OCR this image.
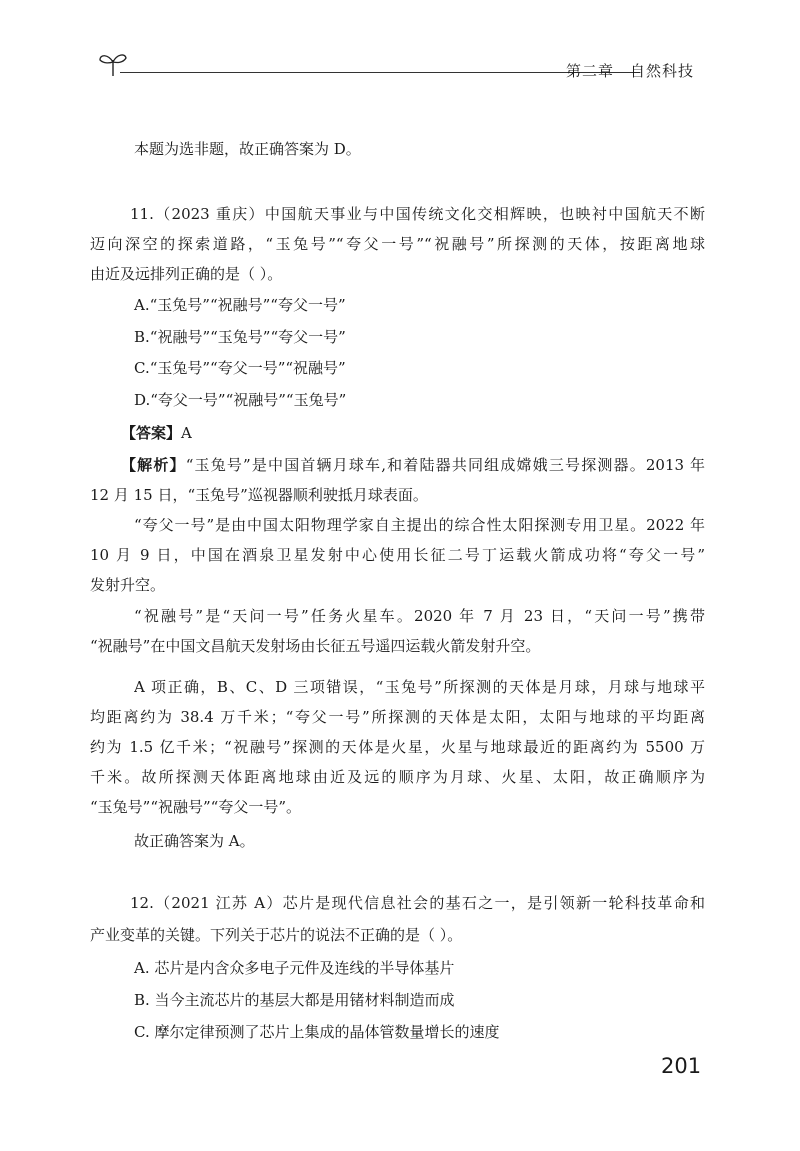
第二章 自然科技
本题为选非题，故正确答案为 D。
11.（2023 重庆）中国航天事业与中国传统文化交相辉映，也映衬中国航天不断
迈向深空的探索道路，“玉兔号”“夸父一号”“祝融号”所探测的天体，按距离地球
由近及远排列正确的是（ ）。
A.“玉兔号”“祝融号”“夸父一号”
B.“祝融号”“玉兔号”“夸父一号”
C.“玉兔号”“夸父一号”“祝融号”
D.“夸父一号”“祝融号”“玉兔号”
【答案】A
【解析】“玉兔号”是中国首辆月球车,和着陆器共同组成嫦娥三号探测器。2013 年
12 月 15 日，“玉兔号”巡视器顺利驶抵月球表面。
“夸父一号”是由中国太阳物理学家自主提出的综合性太阳探测专用卫星。2022 年
10 月 9 日，中国在酒泉卫星发射中心使用长征二号丁运载火箭成功将“夸父一号”
发射升空。
“祝融号”是“天问一号”任务火星车。2020 年 7 月 23 日，“天问一号”携带
“祝融号”在中国文昌航天发射场由长征五号遥四运载火箭发射升空。
A 项正确，B、C、D 三项错误，“玉兔号”所探测的天体是月球，月球与地球平
均距离约为 38.4 万千米；“夸父一号”所探测的天体是太阳，太阳与地球的平均距离
约为 1.5 亿千米；“祝融号”探测的天体是火星，火星与地球最近的距离约为 5500 万
千米。故所探测天体距离地球由近及远的顺序为月球、火星、太阳，故正确顺序为
“玉兔号”“祝融号”“夸父一号”。
故正确答案为 A。
12.（2021 江苏 A）芯片是现代信息社会的基石之一，是引领新一轮科技革命和
产业变革的关键。下列关于芯片的说法不正确的是（ ）。
A. 芯片是内含众多电子元件及连线的半导体基片
B. 当今主流芯片的基层大都是用锗材料制造而成
C. 摩尔定律预测了芯片上集成的晶体管数量增长的速度
201
